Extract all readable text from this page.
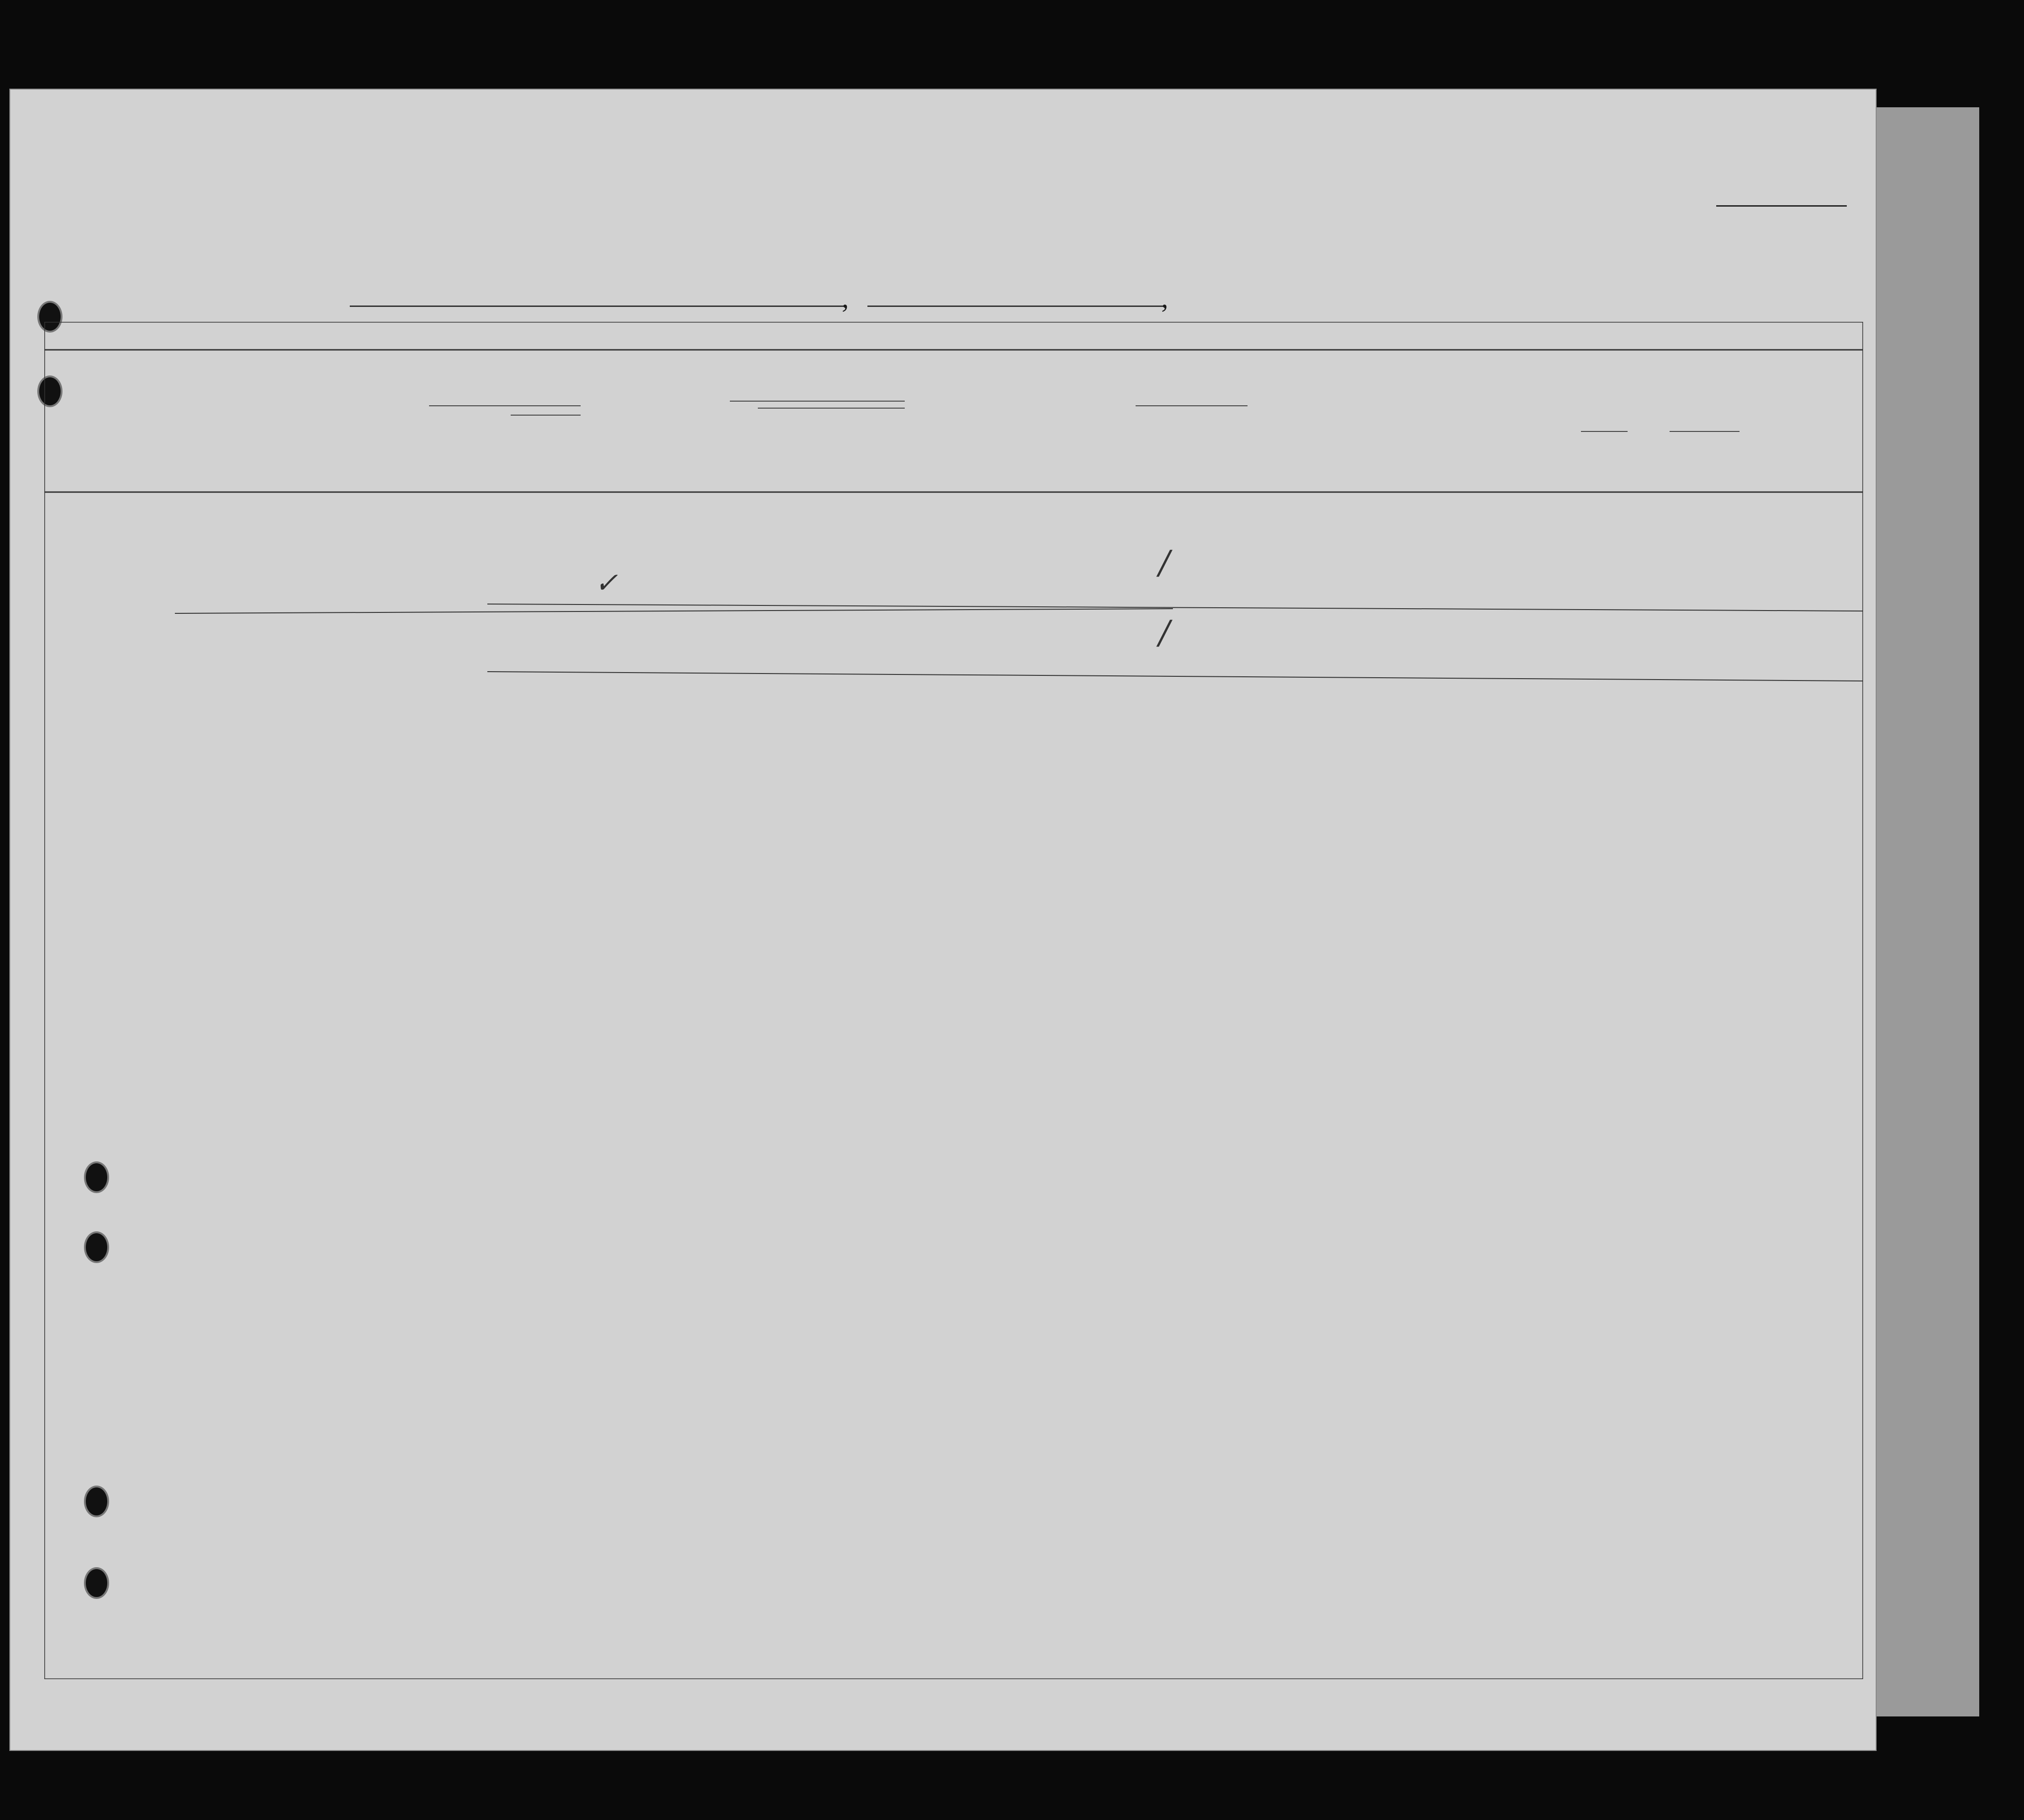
,	,
✓
/
/
